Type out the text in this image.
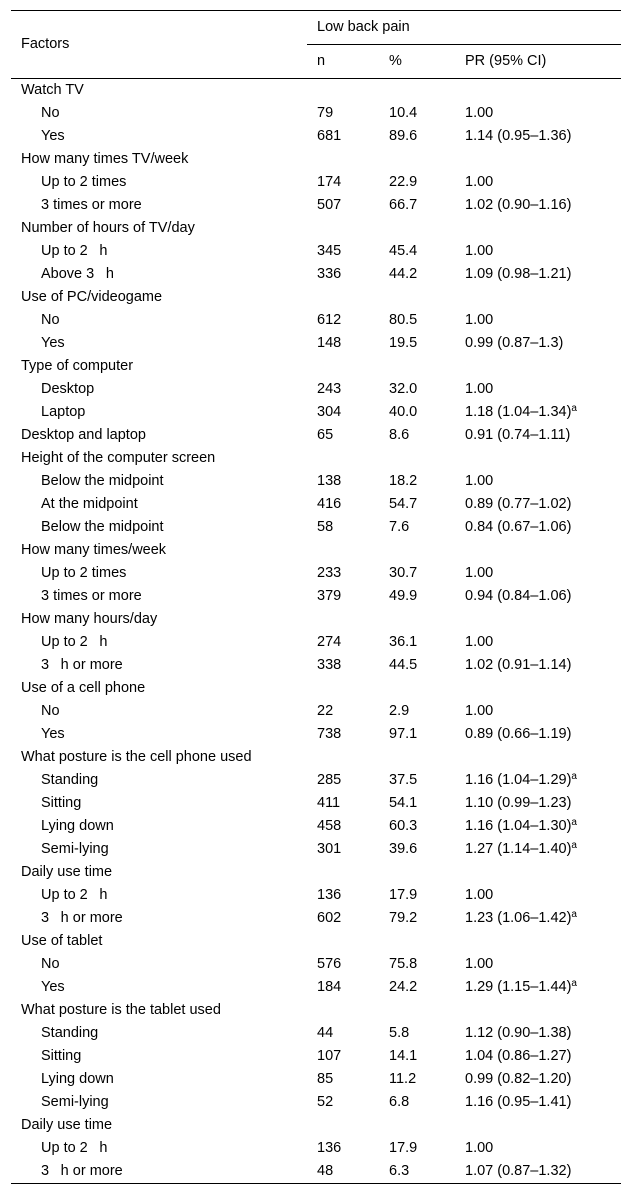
Factors	Low back pain		
	n	%	PR (95% CI)
Watch TV			
No	79	10.4	1.00
Yes	681	89.6	1.14 (0.95–1.36)
How many times TV/week			
Up to 2 times	174	22.9	1.00
3 times or more	507	66.7	1.02 (0.90–1.16)
Number of hours of TV/day			
Up to 2    h	345	45.4	1.00
Above 3    h	336	44.2	1.09 (0.98–1.21)
Use of PC/videogame			
No	612	80.5	1.00
Yes	148	19.5	0.99 (0.87–1.3)
Type of computer			
Desktop	243	32.0	1.00
Laptop	304	40.0	1.18 $(1.04-1.34)^a$
Desktop and laptop	65	8.6	0.91 (0.74–1.11)
Height of the computer screen			
Below the midpoint	138	18.2	1.00
At the midpoint	416	54.7	0.89 (0.77–1.02)
Below the midpoint	58	7.6	0.84 (0.67–1.06)
How many times/week			
Up to 2 times	233	30.7	1.00
3 times or more	379	49.9	0.94 (0.84–1.06)
How many hours/day			
Up to 2    h	274	36.1	1.00
3    h or more	338	44.5	1.02 (0.91–1.14)
Use of a cell phone			
No	22	2.9	1.00
Yes	738	97.1	0.89 (0.66–1.19)
What posture is the cell phone used			
Standing	285	37.5	1.16 $(1.04-1.29)^a$
Sitting	411	54.1	1.10 (0.99–1.23)
Lying down	458	60.3	1.16 $(1.04-1.30)^a$
Semi-lying	301	39.6	1.27 $(1.14-1.40)^a$
Daily use time			
Up to 2    h	136	17.9	1.00
3    h or more	602	79.2	1.23 $(1.06-1.42)^a$
Use of tablet			
No	576	75.8	1.00
Yes	184	24.2	1.29 $(1.15-1.44)^a$
What posture is the tablet used			
Standing	44	5.8	1.12 (0.90–1.38)
Sitting	107	14.1	1.04 (0.86–1.27)
Lying down	85	11.2	0.99 (0.82–1.20)
Semi-lying	52	6.8	1.16 (0.95–1.41)
Daily use time			
Up to 2    h	136	17.9	1.00
3    h or more	48	6.3	1.07 (0.87–1.32)
